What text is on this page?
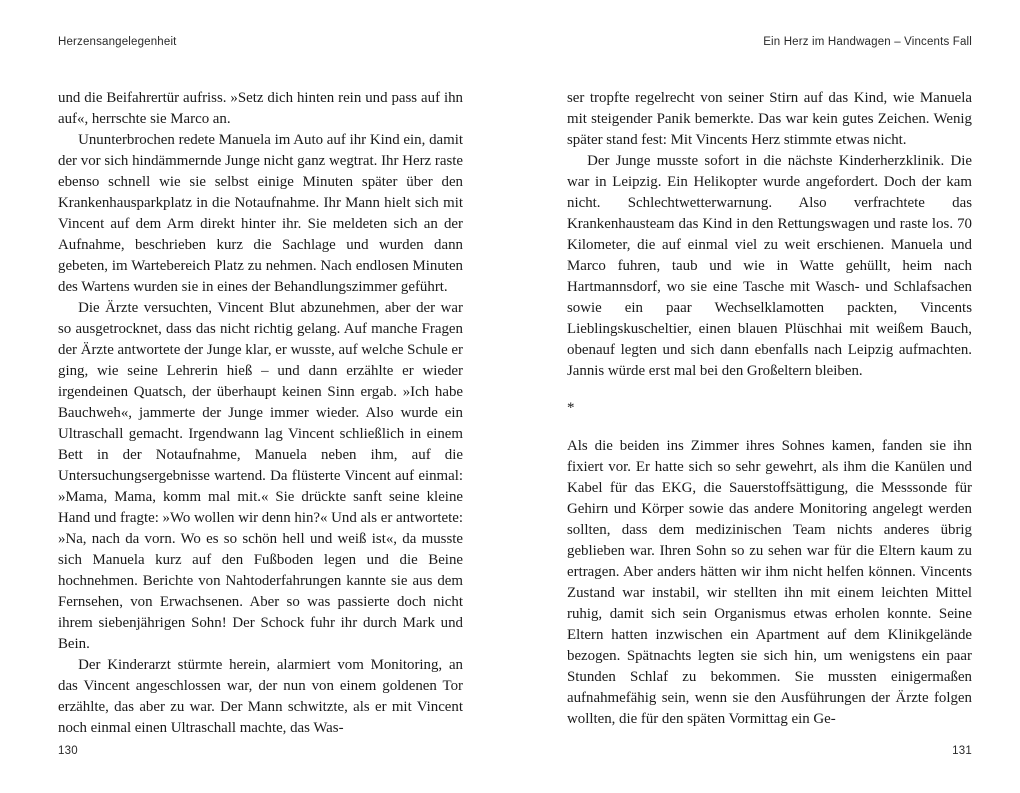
Herzensangelegenheit

und die Beifahrertür aufriss. »Setz dich hinten rein und pass auf ihn auf«, herrschte sie Marco an.

Ununterbrochen redete Manuela im Auto auf ihr Kind ein, damit der vor sich hindämmernde Junge nicht ganz wegtrat. Ihr Herz raste ebenso schnell wie sie selbst einige Minuten später über den Krankenhausparkplatz in die Notaufnahme. Ihr Mann hielt sich mit Vincent auf dem Arm direkt hinter ihr. Sie meldeten sich an der Aufnahme, beschrieben kurz die Sachlage und wurden dann gebeten, im Wartebereich Platz zu nehmen. Nach endlosen Minuten des Wartens wurden sie in eines der Behandlungszimmer geführt.

Die Ärzte versuchten, Vincent Blut abzunehmen, aber der war so ausgetrocknet, dass das nicht richtig gelang. Auf manche Fragen der Ärzte antwortete der Junge klar, er wusste, auf welche Schule er ging, wie seine Lehrerin hieß – und dann erzählte er wieder irgendeinen Quatsch, der überhaupt keinen Sinn ergab. »Ich habe Bauchweh«, jammerte der Junge immer wieder. Also wurde ein Ultraschall gemacht. Irgendwann lag Vincent schließlich in einem Bett in der Notaufnahme, Manuela neben ihm, auf die Untersuchungsergebnisse wartend. Da flüsterte Vincent auf einmal: »Mama, Mama, komm mal mit.« Sie drückte sanft seine kleine Hand und fragte: »Wo wollen wir denn hin?« Und als er antwortete: »Na, nach da vorn. Wo es so schön hell und weiß ist«, da musste sich Manuela kurz auf den Fußboden legen und die Beine hochnehmen. Berichte von Nahtoderfahrungen kannte sie aus dem Fernsehen, von Erwachsenen. Aber so was passierte doch nicht ihrem siebenjährigen Sohn! Der Schock fuhr ihr durch Mark und Bein.

Der Kinderarzt stürmte herein, alarmiert vom Monitoring, an das Vincent angeschlossen war, der nun von einem goldenen Tor erzählte, das aber zu war. Der Mann schwitzte, als er mit Vincent noch einmal einen Ultraschall machte, das Was-

130
Ein Herz im Handwagen – Vincents Fall

ser tropfte regelrecht von seiner Stirn auf das Kind, wie Manuela mit steigender Panik bemerkte. Das war kein gutes Zeichen. Wenig später stand fest: Mit Vincents Herz stimmte etwas nicht.

Der Junge musste sofort in die nächste Kinderherzklinik. Die war in Leipzig. Ein Helikopter wurde angefordert. Doch der kam nicht. Schlechtwetterwarnung. Also verfrachtete das Krankenhausteam das Kind in den Rettungswagen und raste los. 70 Kilometer, die auf einmal viel zu weit erschienen. Manuela und Marco fuhren, taub und wie in Watte gehüllt, heim nach Hartmannsdorf, wo sie eine Tasche mit Wasch- und Schlafsachen sowie ein paar Wechselklamotten packten, Vincents Lieblingskuscheltier, einen blauen Plüschhai mit weißem Bauch, obenauf legten und sich dann ebenfalls nach Leipzig aufmachten. Jannis würde erst mal bei den Großeltern bleiben.

*

Als die beiden ins Zimmer ihres Sohnes kamen, fanden sie ihn fixiert vor. Er hatte sich so sehr gewehrt, als ihm die Kanülen und Kabel für das EKG, die Sauerstoffsättigung, die Messsonde für Gehirn und Körper sowie das andere Monitoring angelegt werden sollten, dass dem medizinischen Team nichts anderes übrig geblieben war. Ihren Sohn so zu sehen war für die Eltern kaum zu ertragen. Aber anders hätten wir ihm nicht helfen können. Vincents Zustand war instabil, wir stellten ihn mit einem leichten Mittel ruhig, damit sich sein Organismus etwas erholen konnte. Seine Eltern hatten inzwischen ein Apartment auf dem Klinikgelände bezogen. Spätnachts legten sie sich hin, um wenigstens ein paar Stunden Schlaf zu bekommen. Sie mussten einigermaßen aufnahmefähig sein, wenn sie den Ausführungen der Ärzte folgen wollten, die für den späten Vormittag ein Ge-

131
